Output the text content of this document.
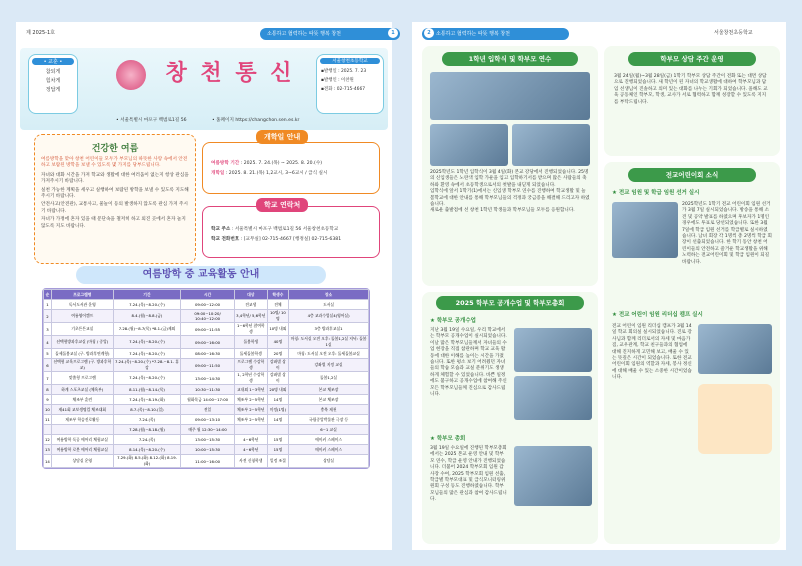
제 2025-1호	소통하고 협력하는 따뜻 행복 창천	1
• 교훈 •
참되게
힘차게
정답게
창 천 통 신	서울창천초등학교
▪발행일 : 2025. 7. 23
▪발행인 : 이찬원
▪전화 : 02-715-4667
• 서울특별시 마포구 백범로1길 56	• 홈페이지 https://changchon.sen.es.kr
건강한 여름
여름방학을 맞아 창천 어린이들 모두가 부모님의 따뜻한 사랑 속에서 안전하고 보람된 방학을 보낼 수 있도록 몇 가지를 당부드립니다.
자녀와 대화 시간을 가져 학교와 생활에 대한 여러움이 없는지 항상 관심을 가져주시기 바랍니다.
실천 가능한 계획을 세우고 실행하여 보람된 방학을 보낼 수 있도록 지도해 주시기 바랍니다.
안전사고(안전관), 교통사고, 물놀이 등의 발생하지 않도록 관심 가져 주시기 바랍니다.
자녀가 가정에 혼자 있을 때 문단속을 철저히 하고 외진 곳에서 혼자 놀지 않도록 지도 바랍니다.
여름방학 기간 : 2025. 7. 24.(목) ~ 2025. 8. 20.(수)
개학일 : 2025. 8. 21.(목) 1,2교시, 3~6교시 / 급식 실시
개학일 안내
학교 주소 : 서울특별시 마포구 백범로1길 56 서울창천초등학교
학교 전화번호 : [교무실] 02-715-4667 [행정실] 02-715-6381
학교 연락처
여름방학 중 교육활동 안내
순	프로그램명	기간	시간	대상	학생수	장소
1	독서도서관 운영	7.24.(목)~8.20.(수)	09:00~12:00	전교생	전체	도서실
2	여름영어캠프	8.4.(월)~8.8.(금)	09:00~10:20/ 10:40~12:00	3,4학년/ 5,6학년	10명/ 10명	4층 교과수업실4(영어실)
3	기초튼튼교실	7.28.(월)~8.7(목) *8.1.(금)제외	09:00~11:55	1~6학년 참여학생	10명 내외	3층 방과후교실1
4	선택형방과후교실 (마칭 / 중앙)	7.24.(목)~8.20.(수)	09:00~16:00	돌봄학생	40명	마칭: 도서실 오전 오후: 돌봄1,2실 저녁: 돌봄1실
5	돌세돌봄교실 (구. 방과후연계형)	7.24.(목)~8.20.(수)	08:00~16:30	돌세돌봄학생	20명	마칭: 도서실 오전 오후: 돌세돌봄교실
6	선택형 교육프로그램 (구. 방과후학교)	7.24.(목)~8.20.(수) *7.28.~8.1. 휴강	09:00~11:50	프로그램 수강학생	강좌별 상이	강좌별 지정 교실
7	맞춤형 프로그램	7.24.(목)~8.20.(수)	13:00~14:30	1, 2학년 수강학생	강좌별 상이	돌봄1,2실
8	하계 스포츠교실 (체육부)	8.11.(월)~8.14.(목)	10:30~11:30	교내외 1~3학년	20명 내외	본교 체조장
9	체조부 훈련	7.24.(목)~8.19.(화)	월화목금 14:00~17:00	체조부 2~5학년	14명	본교 체조장
10	제41회 교보생명컵 체조대회	8.7.(목)~8.10.(일)	전일	체조부 2~5학년	미정(1명)	충북 제천
11	제조부 학습진로활동	7.24.(목)	09:00~13:10	체조부 2~5학년	14명	국립중앙박물관 극장 등
		7.28.(월)~8.18.(월)	매주 월 12:30~14:00			6~1 교실
12	여름방학 독공 에어리 체험교실	7.24.(목)	13:00~15:30	4~6학년	15명	에이커 스페이스
13	여름방학 로봇 에어리 체험교실	8.14.(목)~8.20.(수)	10:00~15:30	4~6학년	15명	메이커 스페이스
14	상담실 운영	7.29.(화) 8.5.(화) 8.12.(화) 8.19.(화)	11:00~16:00	사전 신청학생	일정 조절	상담실
2	소통하고 협력하는 따뜻 행복 창천	서울창천초등학교
1학년 입학식 및 학부모 연수
2025학년도 1학년 입학식이 3월 4일(화) 본교 강당에서 진행되었습니다. 25명의 신입생들은 노란색 입학 가운을 입고 입학하기서를 받으며 많은 사람들의 축하와 환영 속에서 초등학생으로서의 첫발을 내딛게 되었습니다.
입학식에 앞서 1학기(1)에서는 신입생 학부모 연수를 진행하여 학교생활 및 늘봄학교에 대한 안내를 통해 학부모님들의 걱정과 궁금증을 해결해 드리고자 하였습니다.
새로운 출발점에 선 창천 1학년 학생들과 학부모님들 모두를 응원합니다.
2025 학부모 공개수업 및 학부모총회
★ 학부모 공개수업
지난 3월 19일 수요일, 우리 학교에서는 학부모 공개수업이 실시되었습니다. 이날 많은 학부모님들께서 자녀들의 수업 현장을 직접 참관하며 학교 교육 활동에 대한 이해를 높이는 시간을 가졌습니다. 또한 평소 보기 어려웠던 자녀들의 학습 모습과 교실 분위기도 생생하게 체험할 수 있었습니다. 바쁜 일정에도 불구하고 공개수업에 참여해 주신 모든 학부모님들께 진심으로 감사드립니다.
★ 학부모 총회
3월 19일 수요일에 진행된 학부모총회에서는 2025 본교 운영 안내 및 학부모 연수, 학급 운영 안내가 진행되었습니다. 더불어 2024 학부모회 임원 감사장 수여, 2025 학부모회 임원 선출, 학급별 학부모대표 및 급식모니터링위원회 구성 등도 진행하였습니다. 학부모님들의 많은 관심과 참여 감사드립니다.
학부모 상담 주간 운영
3월 24일(월)~3월 28일(금) 1학기 학부모 상담 주간이 전화 또는 대면 상담으로 진행되었습니다. 새 학년이 된 자녀의 학교생활에 대하여 학부모님과 담임 선생님이 진솔하고 의미 있는 대화를 나누는 기회가 되었습니다. 올해도 교육 공동체인 학부모, 학생, 교사가 서로 협력하고 함께 성장할 수 있도록 지지를 부탁드립니다.
전교어린이회 소식
★ 전교 임원 및 학급 임원 선거 실시
2025학년도 1학기 전교 어린이회 임원 선거가 3월 7일 실시되었습니다. 방송을 통해 소견 및 공약 발표를 하였으며 후보자가 1명인 경우에도 투표로 당선되었습니다. 또한 3월 7일에 학급 임원 선거를 학급별로 실시하였습니다. 남녀 회장 각 1명씩 총 2명씩 학급 회장이 선출되었습니다. 한 학기 동안 창천 어린이들의 안전하고 즐거운 학교생활을 위해 노력하는 전교어린이회 및 학급 임원이 되길 바랍니다.
★ 전교 어린이 임원 리더십 캠프 실시
전교 어린이 임원 리더십 캠프가 3월 14일 학교 회의실 실시되었습니다. 진로 강사님과 함께 리더로서의 자세 및 마음가짐, 교우관계, 학교 친구들과의 협업에 대해 진지하게 고민해 보고, 배울 수 있는 뜻깊은 시간이 되었습니다. 또한 전교어린이회 임원의 역할과 자세, 봉사 정신에 대해 배울 수 있는 소중한 시간이었습니다.
